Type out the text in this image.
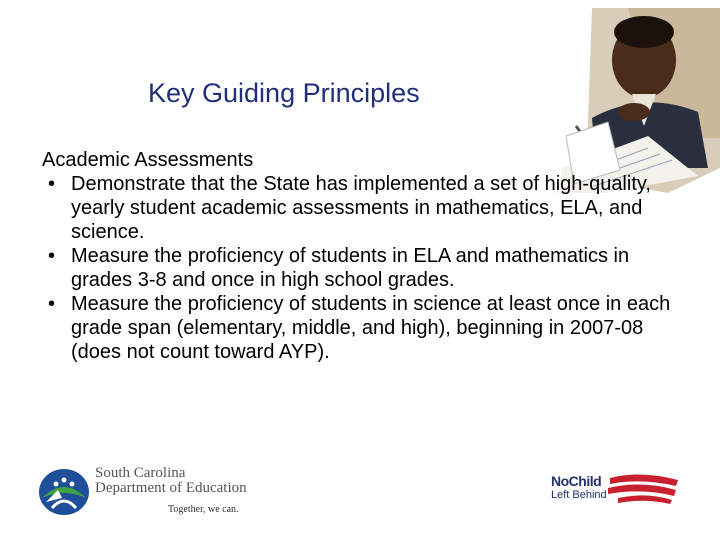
Key Guiding Principles

Academic Assessments

• Demonstrate that the State has implemented a set of high-quality, yearly student academic assessments in mathematics, ELA, and science.
• Measure the proficiency of students in ELA and mathematics in grades 3-8 and once in high school grades.
• Measure the proficiency of students in science at least once in each grade span (elementary, middle, and high), beginning in 2007-08 (does not count toward AYP).
South Carolina
Department of Education
Together, we can.
NoChild
Left Behind
